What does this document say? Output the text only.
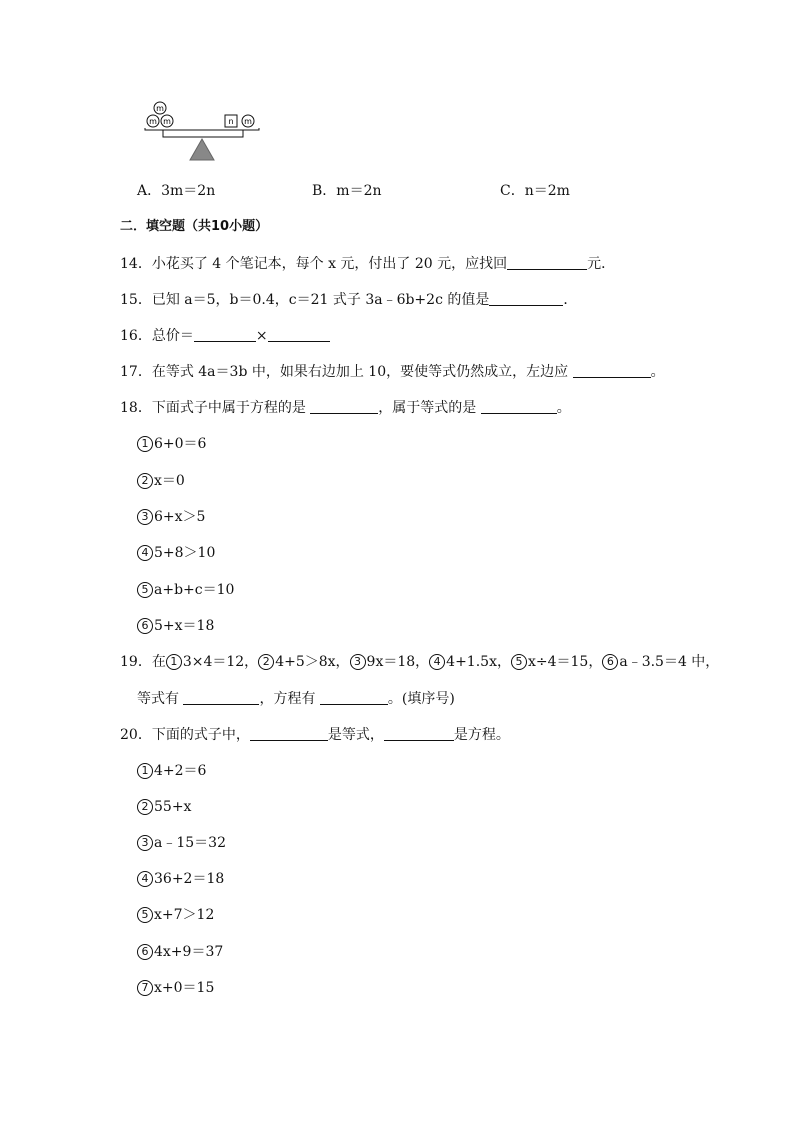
m
m m	n m
A．3m＝2n	B．m＝2n	C．n＝2m
二．填空题（共10小题）
14．小花买了 4 个笔记本，每个 x 元，付出了 20 元，应找回	元．
15．已知 a＝5，b＝0.4，c＝21 式子 3a﹣6b+2c 的值是	．
16．总价＝	×
17．在等式 4a＝3b 中，如果右边加上 10，要使等式仍然成立，左边应	。
18．下面式子中属于方程的是	，属于等式的是	。
1 6+0＝6
2 x＝0
3 6+x＞5
4 5+8＞10
5 a+b+c＝10
6 5+x＝18
19．在 1 3×4＝12， 2 4+5＞8x， 3 9x＝18， 4 4+1.5x， 5 x÷4＝15， 6 a﹣3.5＝4 中，
等式有	，方程有	。(填序号)
20．下面的式子中，	是等式，	是方程。
1 4+2＝6
2 55+x
3 a﹣15＝32
4 36+2＝18
5 x+7＞12
6 4x+9＝37
7 x+0＝15
